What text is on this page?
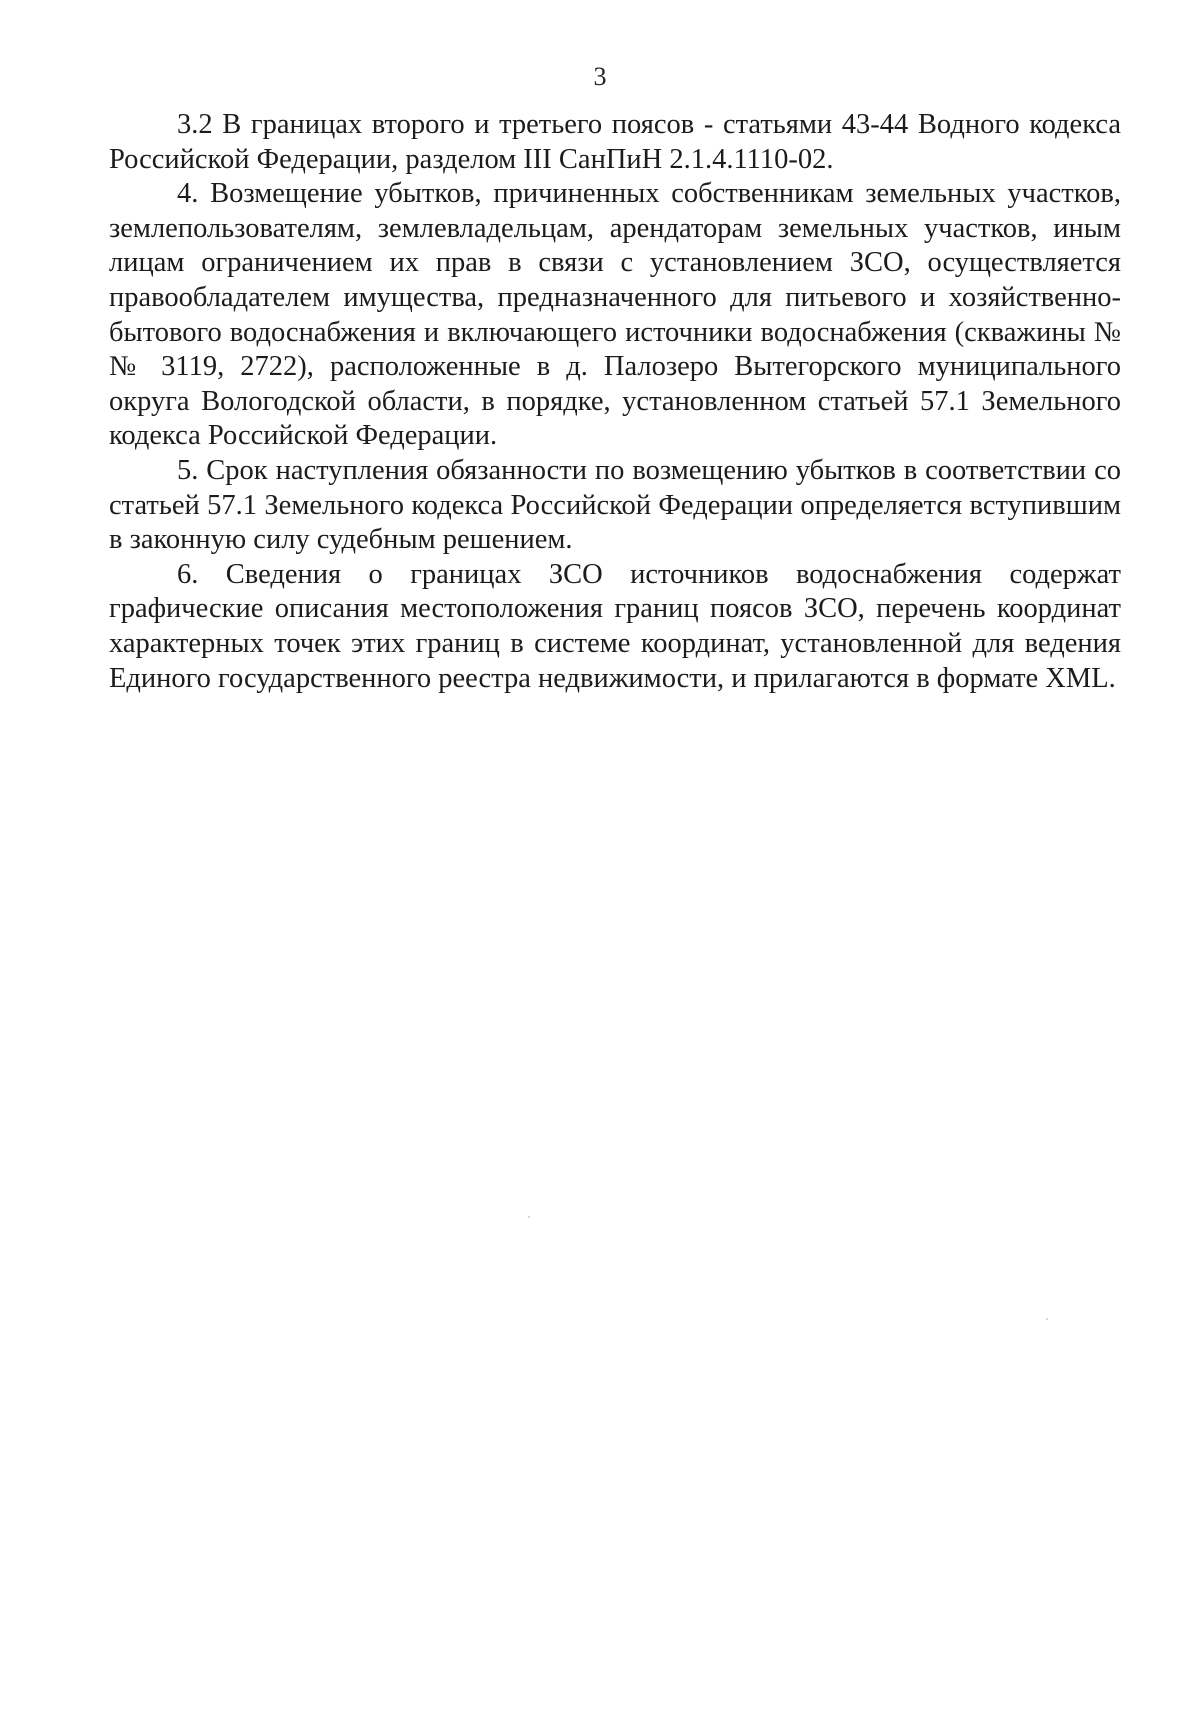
3

3.2 В границах второго и третьего поясов - статьями 43-44 Водного кодекса Российской Федерации, разделом III СанПиН 2.1.4.1110-02.

4. Возмещение убытков, причиненных собственникам земельных участков, землепользователям, землевладельцам, арендаторам земельных участков, иным лицам ограничением их прав в связи с установлением ЗСО, осуществляется правообладателем имущества, предназначенного для питьевого и хозяйственно-бытового водоснабжения и включающего источники водоснабжения (скважины №№ 3119, 2722), расположенные в д. Палозеро Вытегорского муниципального округа Вологодской области, в порядке, установленном статьей 57.1 Земельного кодекса Российской Федерации.

5. Срок наступления обязанности по возмещению убытков в соответствии со статьей 57.1 Земельного кодекса Российской Федерации определяется вступившим в законную силу судебным решением.

6. Сведения о границах ЗСО источников водоснабжения содержат графические описания местоположения границ поясов ЗСО, перечень координат характерных точек этих границ в системе координат, установленной для ведения Единого государственного реестра недвижимости, и прилагаются в формате XML.
